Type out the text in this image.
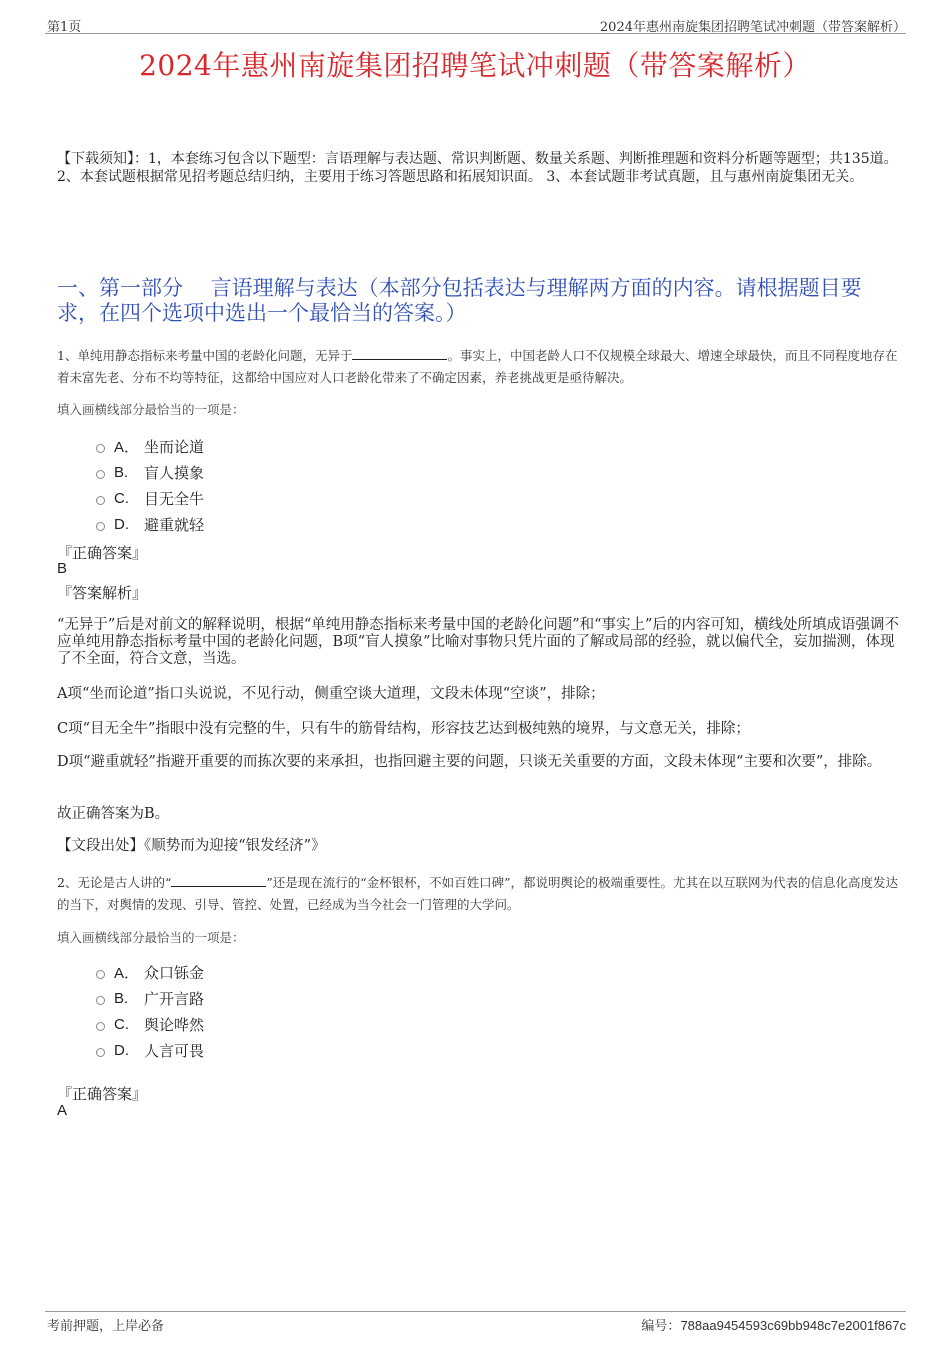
第1页	2024年惠州南旋集团招聘笔试冲刺题（带答案解析）
2024年惠州南旋集团招聘笔试冲刺题（带答案解析）
【下载须知】：1，本套练习包含以下题型：言语理解与表达题、常识判断题、数量关系题、判断推理题和资料分析题等题型；共135道。 2、本套试题根据常见招考题总结归纳，主要用于练习答题思路和拓展知识面。 3、本套试题非考试真题，且与惠州南旋集团无关。
一、第一部分　 言语理解与表达（本部分包括表达与理解两方面的内容。请根据题目要求，在四个选项中选出一个最恰当的答案。）
1、单纯用静态指标来考量中国的老龄化问题，无异于	。事实上，中国老龄人口不仅规模全球最大、增速全球最快，而且不同程度地存在着未富先老、分布不均等特征，这都给中国应对人口老龄化带来了不确定因素，养老挑战更是亟待解决。
填入画横线部分最恰当的一项是：
A． 坐而论道
B.	盲人摸象
C.	目无全牛
D.	避重就轻
『正确答案』
B
『答案解析』
“无异于”后是对前文的解释说明，根据“单纯用静态指标来考量中国的老龄化问题”和“事实上”后的内容可知，横线处所填成语强调不应单纯用静态指标考量中国的老龄化问题，B项“盲人摸象”比喻对事物只凭片面的了解或局部的经验，就以偏代全，妄加揣测，体现了不全面，符合文意，当选。
A项“坐而论道”指口头说说，不见行动，侧重空谈大道理，文段未体现“空谈”，排除；
C项“目无全牛”指眼中没有完整的牛，只有牛的筋骨结构，形容技艺达到极纯熟的境界，与文意无关，排除；
D项“避重就轻”指避开重要的而拣次要的来承担，也指回避主要的问题，只谈无关重要的方面，文段未体现“主要和次要”，排除。
故正确答案为B。
【文段出处】《顺势而为迎接“银发经济”》
2、无论是古人讲的“	”还是现在流行的“金杯银杯，不如百姓口碑”，都说明舆论的极端重要性。尤其在以互联网为代表的信息化高度发达的当下，对舆情的发现、引导、管控、处置，已经成为当今社会一门管理的大学问。
填入画横线部分最恰当的一项是：
A． 众口铄金
B.	广开言路
C.	舆论哗然
D.	人言可畏
『正确答案』
A
考前押题，上岸必备	编号：788aa9454593c69bb948c7e2001f867c
